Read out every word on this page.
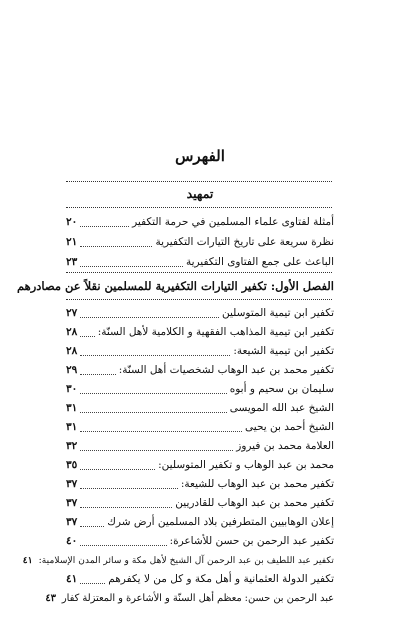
الفهرس
تمهيد
أمثلة لفتاوى علماء المسلمين في حرمة التكفير
٢٠
نظرة سريعة على تاريخ التيارات التكفيرية
٢١
الباعث على جمع الفتاوى التكفيرية
٢٣
الفصل الأول: تكفير التيارات التكفيرية للمسلمين نقلاً عن مصادرهم
تكفير ابن تيمية المتوسلين
٢٧
تكفير ابن تيمية المذاهب الفقهية و الكلامية لأهل السنّة:
٢٨
تكفير ابن تيمية الشيعة:
٢٨
تكفير محمد بن عبد الوهاب لشخصيات أهل السنّة:
٢٩
سليمان بن سحيم و أبوه
٣٠
الشيخ عبد الله المويسى
٣١
الشيخ أحمد بن يحيى
٣١
العلامة محمد بن فيروز
٣٢
محمد بن عبد الوهاب و تكفير المتوسلين:
٣٥
تكفير محمد بن عبد الوهاب للشيعة:
٣٧
تكفير محمد بن عبد الوهاب للقادريين
٣٧
إعلان الوهابيين المتطرفين بلاد المسلمين أرض شرك
٣٧
تكفير عبد الرحمن بن حسن للأشاعرة:
٤٠
تكفير عبد اللطيف بن عبد الرحمن آل الشيخ لأهل مكة و سائر المدن الإسلامية:
٤١
تكفير الدولة العثمانية و أهل مكة و كل من لا يكفرهم
٤١
عبد الرحمن بن حسن: معظم أهل السنّة و الأشاعرة و المعتزلة كفار
٤٣
